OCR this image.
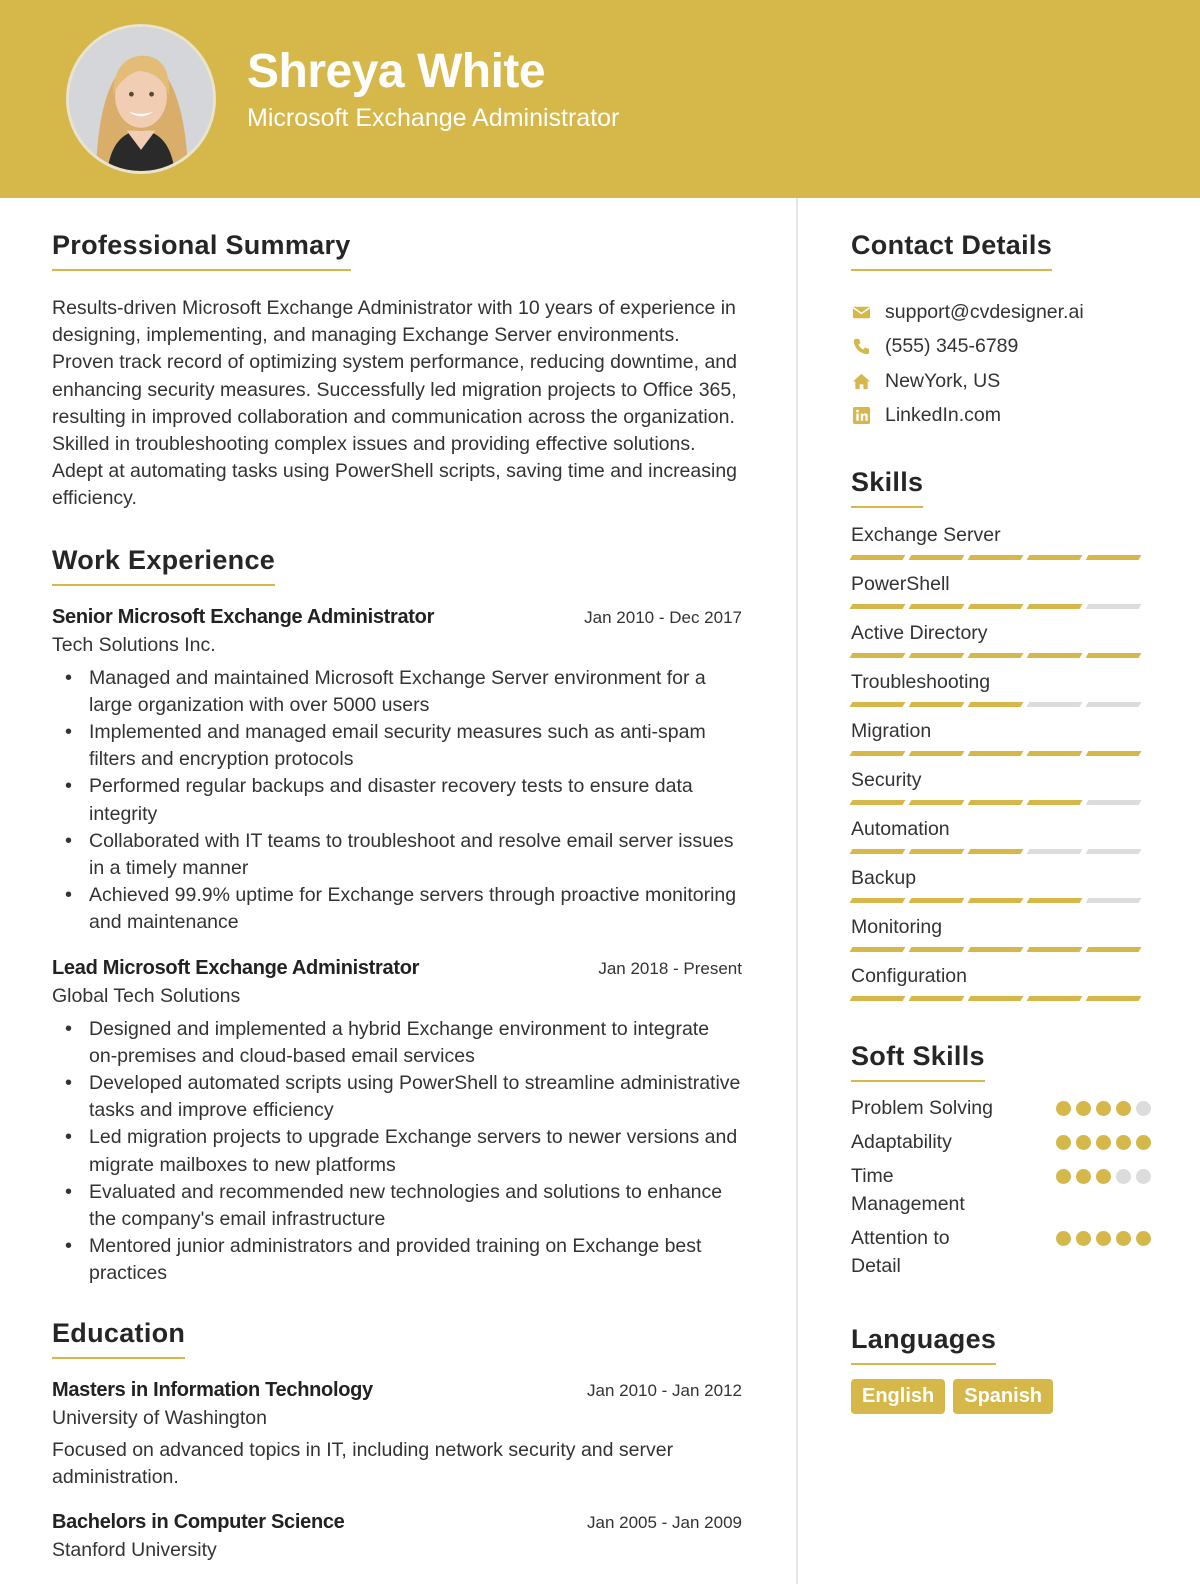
Shreya White
Microsoft Exchange Administrator
Professional Summary

Results-driven Microsoft Exchange Administrator with 10 years of experience in designing, implementing, and managing Exchange Server environments. Proven track record of optimizing system performance, reducing downtime, and enhancing security measures. Successfully led migration projects to Office 365, resulting in improved collaboration and communication across the organization. Skilled in troubleshooting complex issues and providing effective solutions. Adept at automating tasks using PowerShell scripts, saving time and increasing efficiency.

Work Experience
Senior Microsoft Exchange Administrator	Jan 2010 - Dec 2017
Tech Solutions Inc.
• Managed and maintained Microsoft Exchange Server environment for a large organization with over 5000 users
• Implemented and managed email security measures such as anti-spam filters and encryption protocols
• Performed regular backups and disaster recovery tests to ensure data integrity
• Collaborated with IT teams to troubleshoot and resolve email server issues in a timely manner
• Achieved 99.9% uptime for Exchange servers through proactive monitoring and maintenance
Lead Microsoft Exchange Administrator	Jan 2018 - Present
Global Tech Solutions
• Designed and implemented a hybrid Exchange environment to integrate on-premises and cloud-based email services
• Developed automated scripts using PowerShell to streamline administrative tasks and improve efficiency
• Led migration projects to upgrade Exchange servers to newer versions and migrate mailboxes to new platforms
• Evaluated and recommended new technologies and solutions to enhance the company's email infrastructure
• Mentored junior administrators and provided training on Exchange best practices
Education
Masters in Information Technology	Jan 2010 - Jan 2012
University of Washington

Focused on advanced topics in IT, including network security and server administration.

Bachelors in Computer Science	Jan 2005 - Jan 2009
Stanford University
Contact Details
support@cvdesigner.ai
(555) 345-6789
NewYork, US
LinkedIn.com
Skills
Exchange Server
PowerShell
Active Directory
Troubleshooting
Migration
Security
Automation
Backup
Monitoring
Configuration
Soft Skills
Problem Solving
Adaptability
Time Management
Attention to Detail
Languages
English	Spanish
